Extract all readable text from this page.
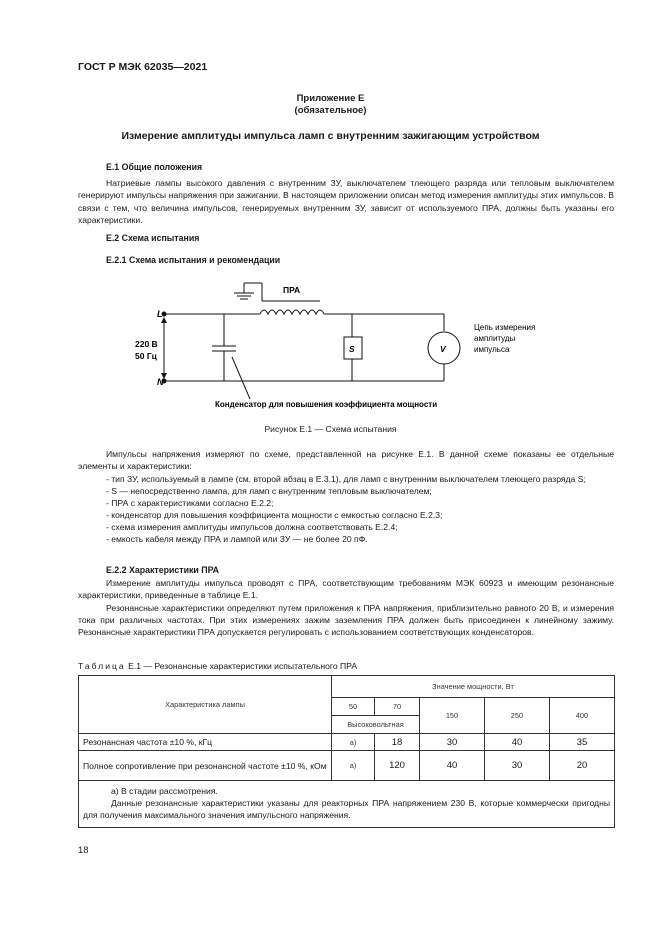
ГОСТ Р МЭК 62035—2021
Приложение Е
(обязательное)
Измерение амплитуды импульса ламп с внутренним зажигающим устройством
Е.1 Общие положения

Натриевые лампы высокого давления с внутренним ЗУ, выключателем тлеющего разряда или тепловым выключателем генерируют импульсы напряжения при зажигании. В настоящем приложении описан метод измерения амплитуды этих импульсов. В связи с тем, что величина импульсов, генерируемых внутренним ЗУ, зависит от используемого ПРА, должны быть указаны его характеристики.

Е.2 Схема испытания
Е.2.1 Схема испытания и рекомендации
L
N
220 В
50 Гц
ПРА
S	V
Цепь измерения
амплитуды
импульса
Конденсатор для повышения коэффициента мощности
Рисунок Е.1 — Схема испытания

Импульсы напряжения измеряют по схеме, представленной на рисунке Е.1. В данной схеме показаны ее отдельные элементы и характеристики:

- тип ЗУ, используемый в лампе (см. второй абзац в Е.3.1), для ламп с внутренним выключателем тлеющего разряда S;
- S — непосредственно лампа, для ламп с внутренним тепловым выключателем;
- ПРА с характеристиками согласно Е.2.2;
- конденсатор для повышения коэффициента мощности с емкостью согласно Е.2.3;
- схема измерения амплитуды импульсов должна соответствовать Е.2.4;
- емкость кабеля между ПРА и лампой или ЗУ — не более 20 пФ.
Е.2.2 Характеристики ПРА

Измерение амплитуды импульса проводят с ПРА, соответствующим требованиям МЭК 60923 и имеющим резонансные характеристики, приведенные в таблице Е.1.

Резонансные характеристики определяют путем приложения к ПРА напряжения, приблизительно равного 20 В, и измерения тока при различных частотах. При этих измерениях зажим заземления ПРА должен быть присоединен к линейному зажиму. Резонансные характеристики ПРА допускается регулировать с использованием соответствующих конденсаторов.

Таблица Е.1 — Резонансные характеристики испытательного ПРА
Характеристика лампы	Значение мощности, Вт				
	50	70	150	250	400
	Высоковольтная				
Резонансная частота ±10 %, кГц	а)	18	30	40	35
Полное сопротивление при резонансной частоте ±10 %, кОм	а)	120	40	30	20

а) В стадии рассмотрения.
Данные резонансные характеристики указаны для реакторных ПРА напряжением 230 В, которые коммерчески пригодны для получения максимального значения импульсного напряжения.					
18
